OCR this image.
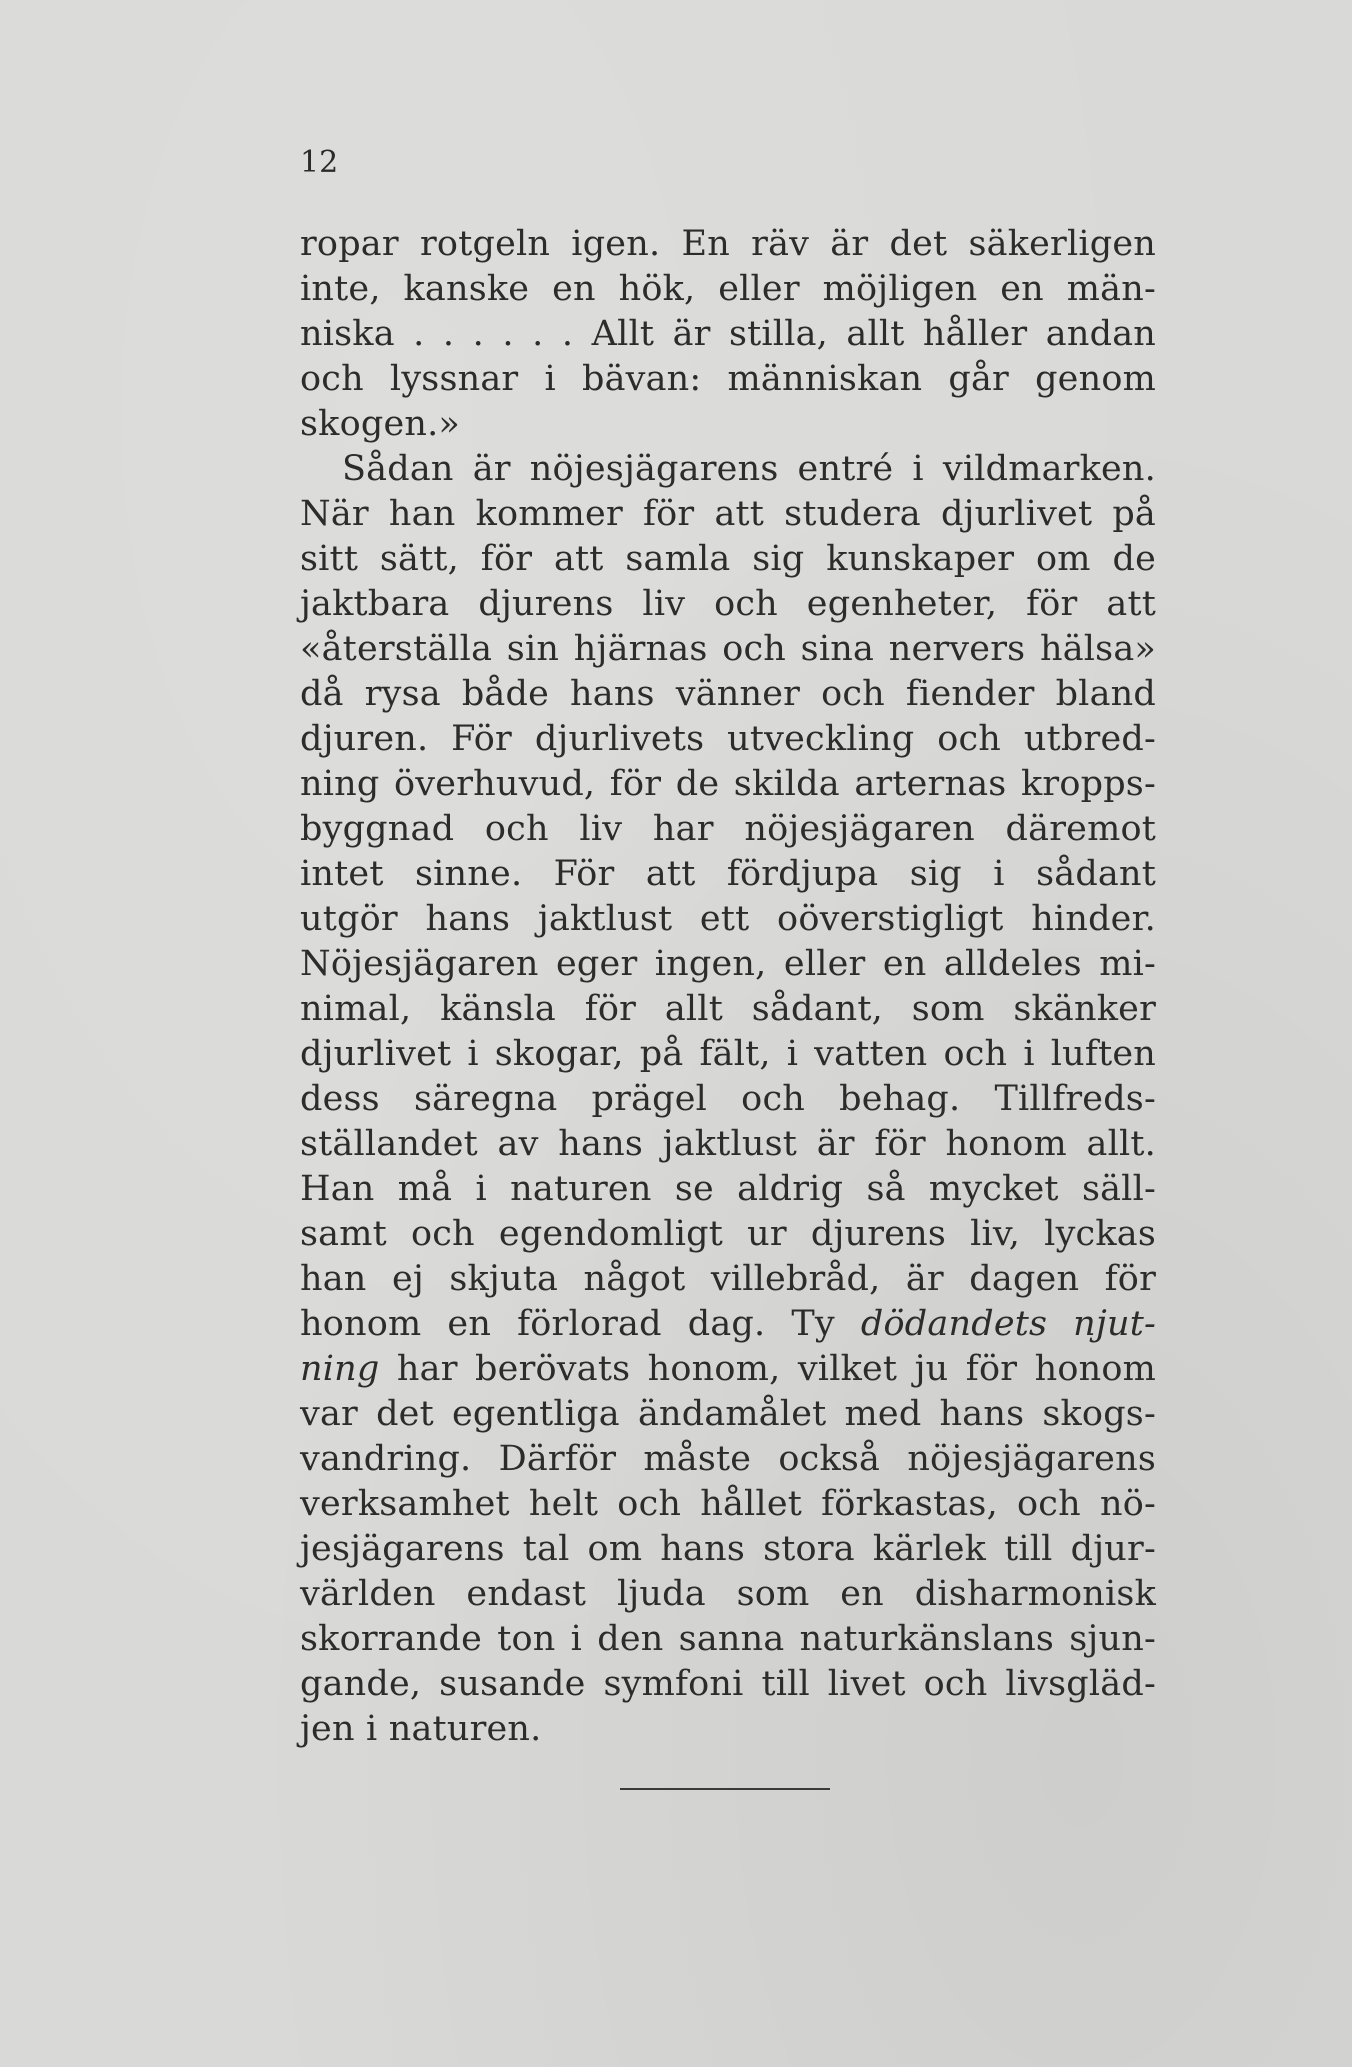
12
ropar rotgeln igen. En räv är det säkerligen
inte, kanske en hök, eller möjligen en män-
niska . . . . . . Allt är stilla, allt håller andan
och lyssnar i bävan: människan går genom
skogen.»
Sådan är nöjesjägarens entré i vildmarken.
När han kommer för att studera djurlivet på
sitt sätt, för att samla sig kunskaper om de
jaktbara djurens liv och egenheter, för att
«återställa sin hjärnas och sina nervers hälsa»
då rysa både hans vänner och fiender bland
djuren. För djurlivets utveckling och utbred-
ning överhuvud, för de skilda arternas kropps-
byggnad och liv har nöjesjägaren däremot
intet sinne. För att fördjupa sig i sådant
utgör hans jaktlust ett oöverstigligt hinder.
Nöjesjägaren eger ingen, eller en alldeles mi-
nimal, känsla för allt sådant, som skänker
djurlivet i skogar, på fält, i vatten och i luften
dess säregna prägel och behag. Tillfreds-
ställandet av hans jaktlust är för honom allt.
Han må i naturen se aldrig så mycket säll-
samt och egendomligt ur djurens liv, lyckas
han ej skjuta något villebråd, är dagen för
honom en förlorad dag. Ty dödandets njut-
ning har berövats honom, vilket ju för honom
var det egentliga ändamålet med hans skogs-
vandring. Därför måste också nöjesjägarens
verksamhet helt och hållet förkastas, och nö-
jesjägarens tal om hans stora kärlek till djur-
världen endast ljuda som en disharmonisk
skorrande ton i den sanna naturkänslans sjun-
gande, susande symfoni till livet och livsgläd-
jen i naturen.
